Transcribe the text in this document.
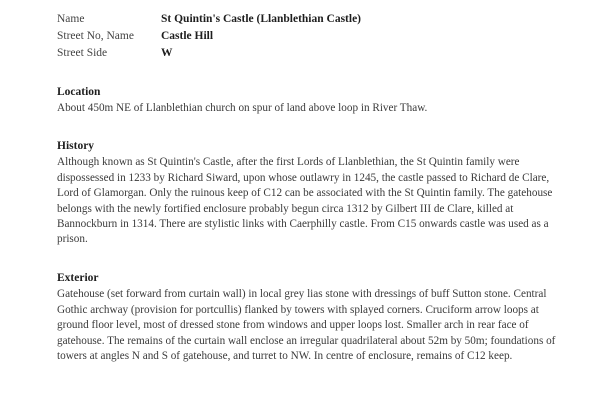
Name	St Quintin's Castle (Llanblethian Castle)
Street No, Name	Castle Hill
Street Side	W
Location

About 450m NE of Llanblethian church on spur of land above loop in River Thaw.

History

Although known as St Quintin's Castle, after the first Lords of Llanblethian, the St Quintin family were dispossessed in 1233 by Richard Siward, upon whose outlawry in 1245, the castle passed to Richard de Clare, Lord of Glamorgan. Only the ruinous keep of C12 can be associated with the St Quintin family. The gatehouse belongs with the newly fortified enclosure probably begun circa 1312 by Gilbert III de Clare, killed at Bannockburn in 1314. There are stylistic links with Caerphilly castle. From C15 onwards castle was used as a prison.

Exterior

Gatehouse (set forward from curtain wall) in local grey lias stone with dressings of buff Sutton stone. Central Gothic archway (provision for portcullis) flanked by towers with splayed corners. Cruciform arrow loops at ground floor level, most of dressed stone from windows and upper loops lost. Smaller arch in rear face of gatehouse. The remains of the curtain wall enclose an irregular quadrilateral about 52m by 50m; foundations of towers at angles N and S of gatehouse, and turret to NW. In centre of enclosure, remains of C12 keep.
